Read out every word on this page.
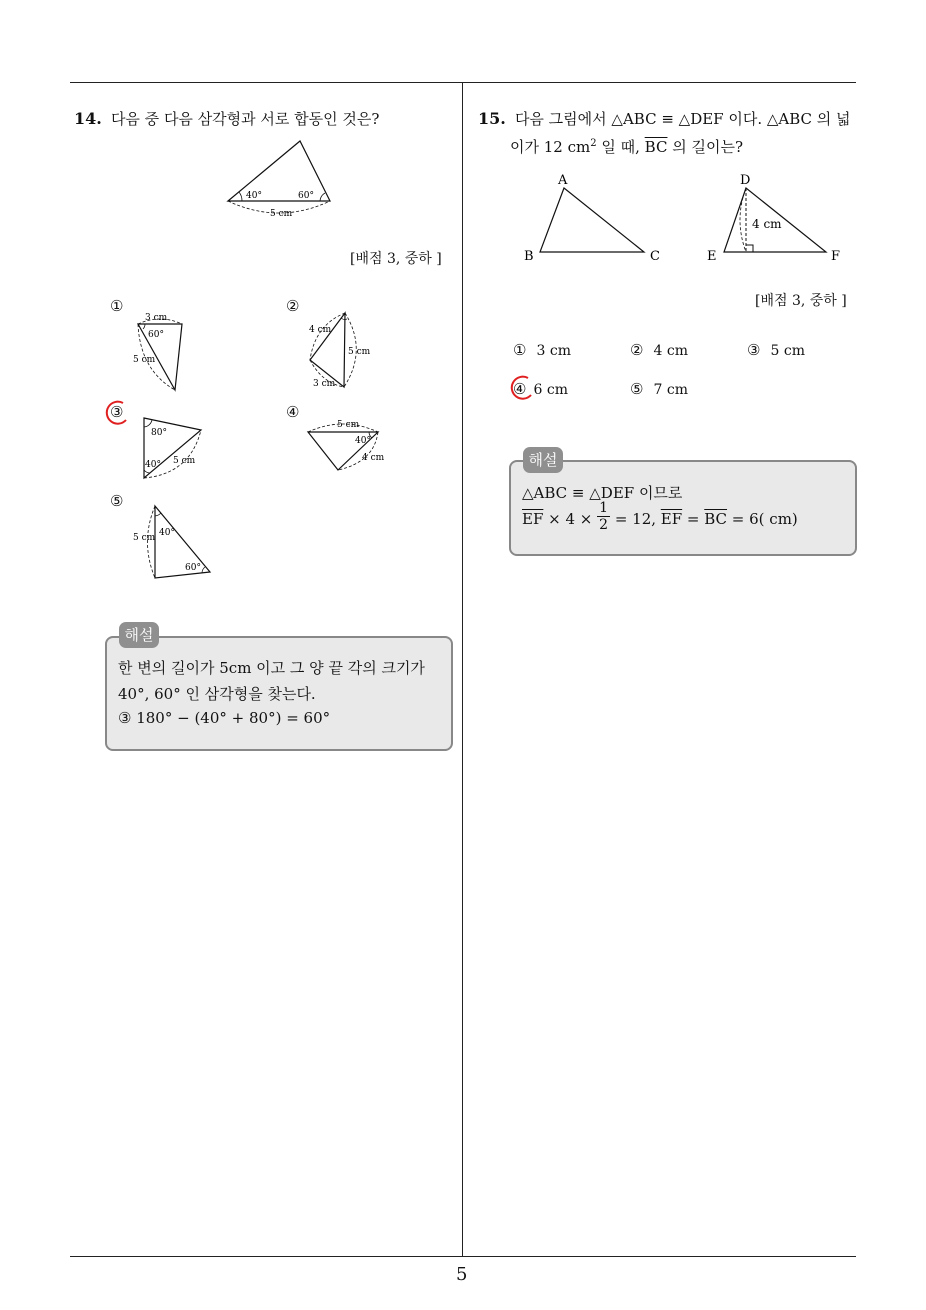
14. 다음 중 다음 삼각형과 서로 합동인 것은?
40°	60°
5 cm
[배점 3, 중하 ]
①
3 cm
60°
5 cm
②
4 cm
5 cm
3 cm
③
80°
40° 5 cm
④
5 cm
40°
4 cm
⑤
5 cm 40°
60°
해설
한 변의 길이가 5cm 이고 그 양 끝 각의 크기가
40°, 60° 인 삼각형을 찾는다.
③ 180° − (40° + 80°) = 60°
15. 다음 그림에서 △ABC ≡ △DEF 이다. △ABC 의 넓
이가 12 $cm^2$ 일 때, $\overline{BC}$ 의 길이는?
A
B	C
D
E	F
4 cm
[배점 3, 중하 ]
① 3 cm	② 4 cm	③ 5 cm
④ 6 cm	⑤ 7 cm
해설
△ABC ≡ △DEF 이므로
$\overline{EF} \times 4 \times \frac{1}{2} = 12$, $\overline{EF} = \overline{BC} = 6$( cm)
5
